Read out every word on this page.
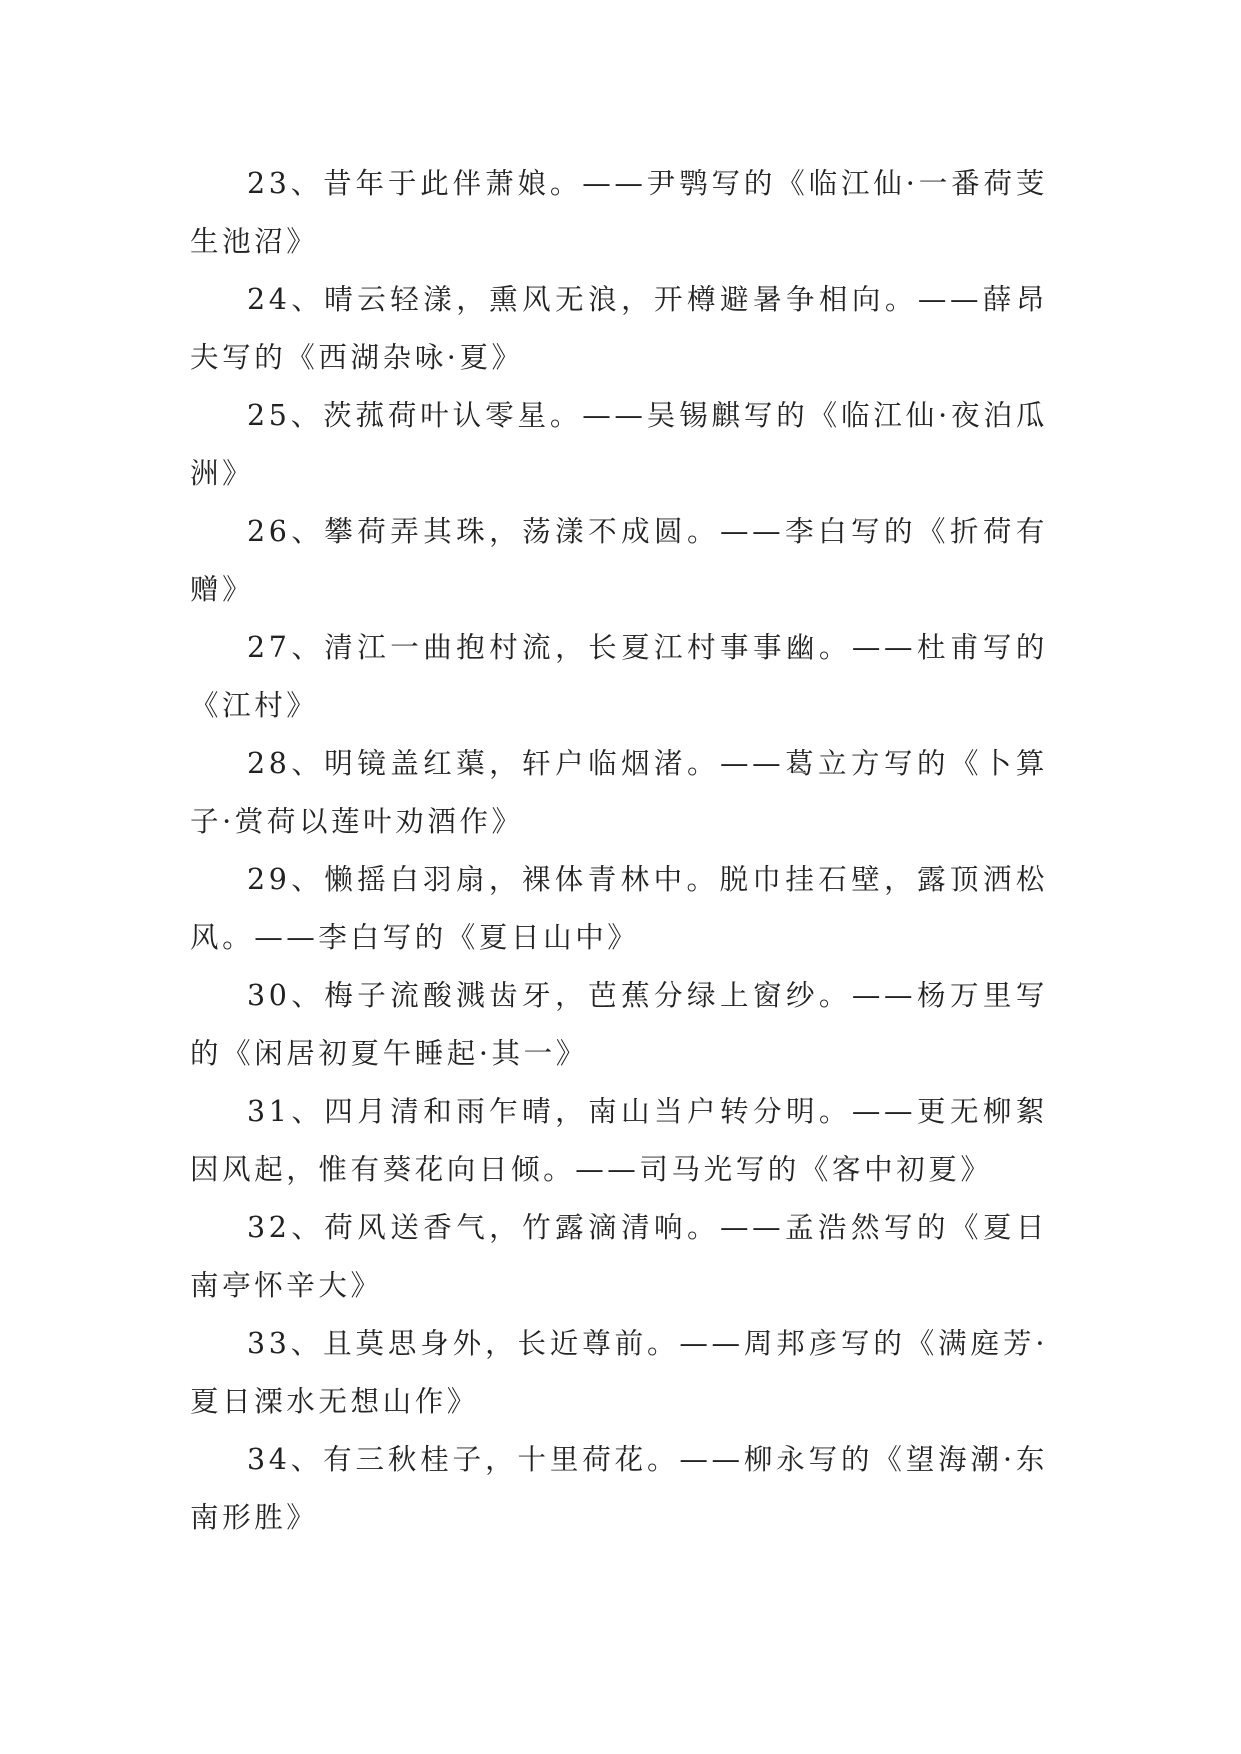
23、昔年于此伴萧娘。——尹鹗写的《临江仙·一番荷芰生池沼》

24、晴云轻漾，熏风无浪，开樽避暑争相向。——薛昂夫写的《西湖杂咏·夏》

25、茨菰荷叶认零星。——吴锡麒写的《临江仙·夜泊瓜洲》

26、攀荷弄其珠，荡漾不成圆。——李白写的《折荷有赠》

27、清江一曲抱村流，长夏江村事事幽。——杜甫写的《江村》

28、明镜盖红蕖，轩户临烟渚。——葛立方写的《卜算子·赏荷以莲叶劝酒作》

29、懒摇白羽扇，裸体青林中。脱巾挂石壁，露顶洒松风。——李白写的《夏日山中》

30、梅子流酸溅齿牙，芭蕉分绿上窗纱。——杨万里写的《闲居初夏午睡起·其一》

31、四月清和雨乍晴，南山当户转分明。——更无柳絮因风起，惟有葵花向日倾。——司马光写的《客中初夏》

32、荷风送香气，竹露滴清响。——孟浩然写的《夏日南亭怀辛大》

33、且莫思身外，长近尊前。——周邦彦写的《满庭芳·夏日溧水无想山作》

34、有三秋桂子，十里荷花。——柳永写的《望海潮·东南形胜》
